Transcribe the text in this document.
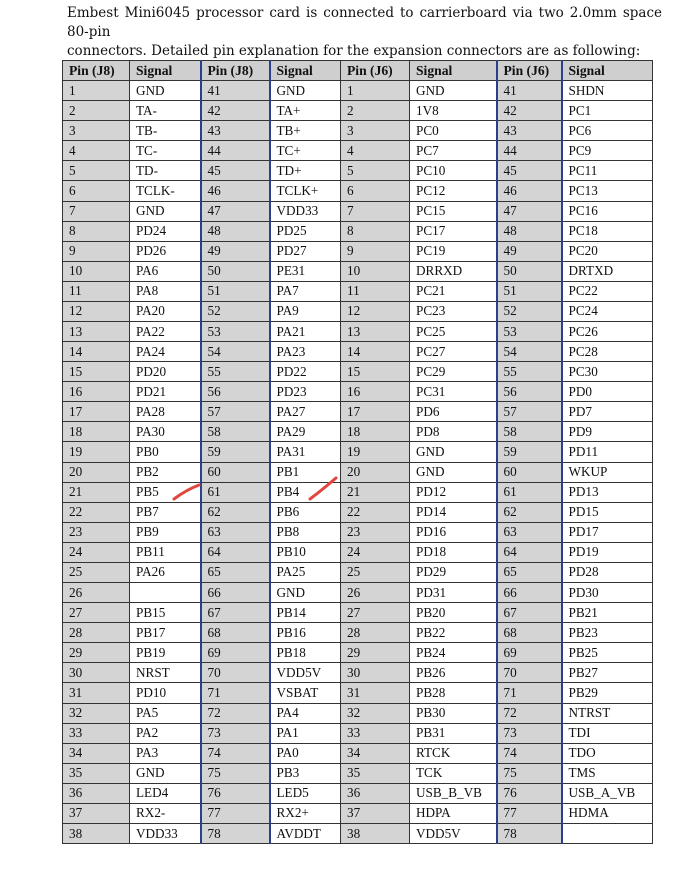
Embest Mini6045 processor card is connected to carrierboard via two 2.0mm space 80-pin

connectors. Detailed pin explanation for the expansion connectors are as following:

Pin (J8)	Signal	Pin (J8)	Signal	Pin (J6)	Signal	Pin (J6)	Signal
1	GND	41	GND	1	GND	41	SHDN
2	TA-	42	TA+	2	1V8	42	PC1
3	TB-	43	TB+	3	PC0	43	PC6
4	TC-	44	TC+	4	PC7	44	PC9
5	TD-	45	TD+	5	PC10	45	PC11
6	TCLK-	46	TCLK+	6	PC12	46	PC13
7	GND	47	VDD33	7	PC15	47	PC16
8	PD24	48	PD25	8	PC17	48	PC18
9	PD26	49	PD27	9	PC19	49	PC20
10	PA6	50	PE31	10	DRRXD	50	DRTXD
11	PA8	51	PA7	11	PC21	51	PC22
12	PA20	52	PA9	12	PC23	52	PC24
13	PA22	53	PA21	13	PC25	53	PC26
14	PA24	54	PA23	14	PC27	54	PC28
15	PD20	55	PD22	15	PC29	55	PC30
16	PD21	56	PD23	16	PC31	56	PD0
17	PA28	57	PA27	17	PD6	57	PD7
18	PA30	58	PA29	18	PD8	58	PD9
19	PB0	59	PA31	19	GND	59	PD11
20	PB2	60	PB1	20	GND	60	WKUP
21	PB5	61	PB4	21	PD12	61	PD13
22	PB7	62	PB6	22	PD14	62	PD15
23	PB9	63	PB8	23	PD16	63	PD17
24	PB11	64	PB10	24	PD18	64	PD19
25	PA26	65	PA25	25	PD29	65	PD28
26		66	GND	26	PD31	66	PD30
27	PB15	67	PB14	27	PB20	67	PB21
28	PB17	68	PB16	28	PB22	68	PB23
29	PB19	69	PB18	29	PB24	69	PB25
30	NRST	70	VDD5V	30	PB26	70	PB27
31	PD10	71	VSBAT	31	PB28	71	PB29
32	PA5	72	PA4	32	PB30	72	NTRST
33	PA2	73	PA1	33	PB31	73	TDI
34	PA3	74	PA0	34	RTCK	74	TDO
35	GND	75	PB3	35	TCK	75	TMS
36	LED4	76	LED5	36	USB_B_VB	76	USB_A_VB
37	RX2-	77	RX2+	37	HDPA	77	HDMA
38	VDD33	78	AVDDT	38	VDD5V	78	
